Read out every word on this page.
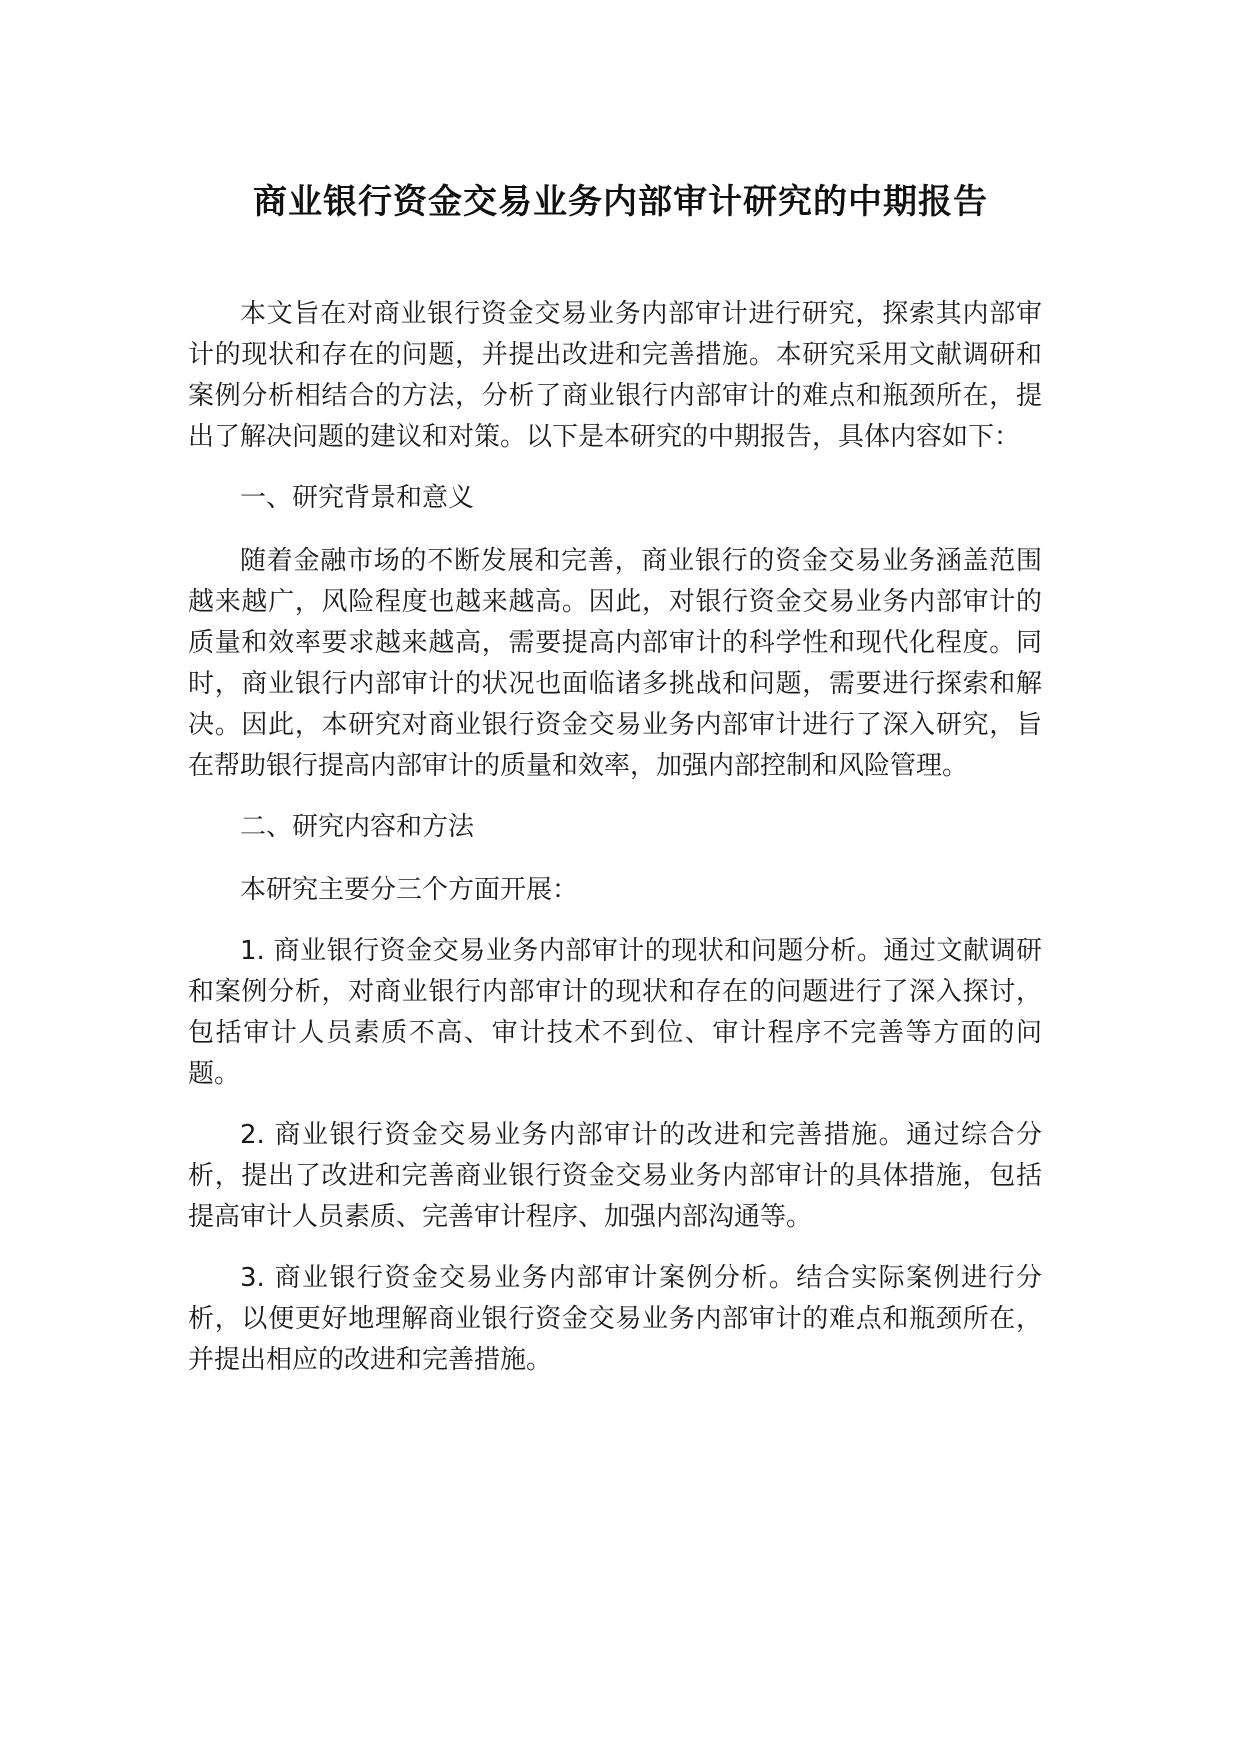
商业银行资金交易业务内部审计研究的中期报告

本文旨在对商业银行资金交易业务内部审计进行研究，探索其内部审计的现状和存在的问题，并提出改进和完善措施。本研究采用文献调研和案例分析相结合的方法，分析了商业银行内部审计的难点和瓶颈所在，提出了解决问题的建议和对策。以下是本研究的中期报告，具体内容如下：

一、研究背景和意义

随着金融市场的不断发展和完善，商业银行的资金交易业务涵盖范围越来越广，风险程度也越来越高。因此，对银行资金交易业务内部审计的质量和效率要求越来越高，需要提高内部审计的科学性和现代化程度。同时，商业银行内部审计的状况也面临诸多挑战和问题，需要进行探索和解决。因此，本研究对商业银行资金交易业务内部审计进行了深入研究，旨在帮助银行提高内部审计的质量和效率，加强内部控制和风险管理。

二、研究内容和方法

本研究主要分三个方面开展：

1. 商业银行资金交易业务内部审计的现状和问题分析。通过文献调研和案例分析，对商业银行内部审计的现状和存在的问题进行了深入探讨，包括审计人员素质不高、审计技术不到位、审计程序不完善等方面的问题。

2. 商业银行资金交易业务内部审计的改进和完善措施。通过综合分析，提出了改进和完善商业银行资金交易业务内部审计的具体措施，包括提高审计人员素质、完善审计程序、加强内部沟通等。

3. 商业银行资金交易业务内部审计案例分析。结合实际案例进行分析，以便更好地理解商业银行资金交易业务内部审计的难点和瓶颈所在，并提出相应的改进和完善措施。
